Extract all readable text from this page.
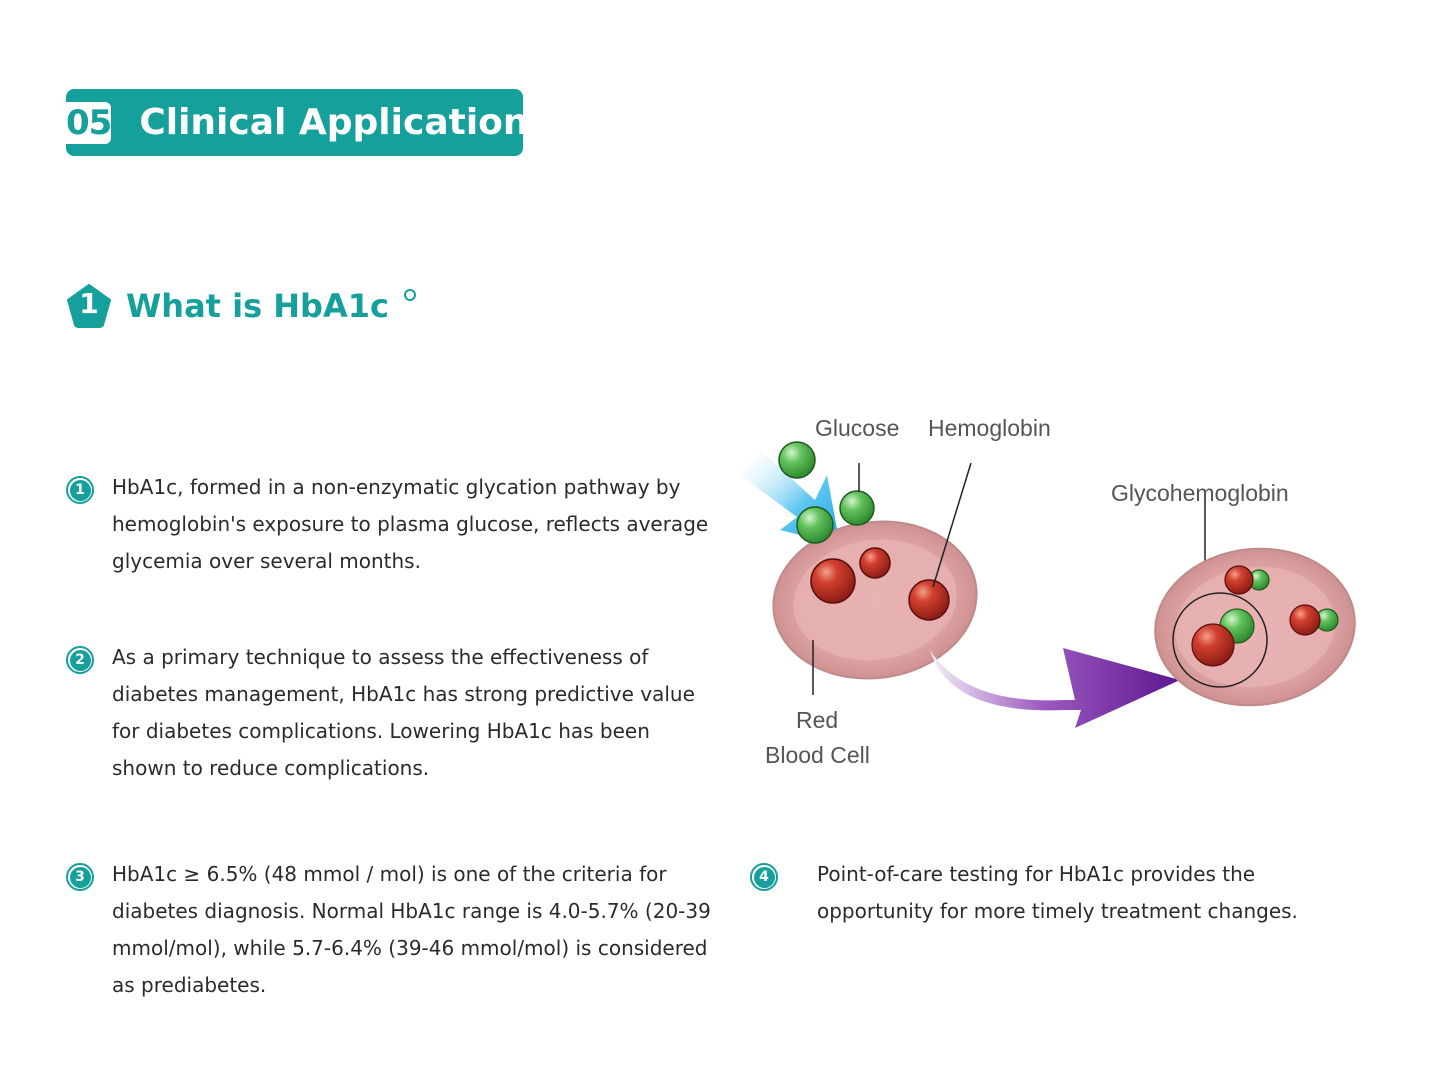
05 Clinical Application
1 What is HbA1c
1 HbA1c, formed in a non-enzymatic glycation pathway by hemoglobin's exposure to plasma glucose, reflects average glycemia over several months.
2 As a primary technique to assess the effectiveness of diabetes management, HbA1c has strong predictive value for diabetes complications. Lowering HbA1c has been shown to reduce complications.
3 HbA1c ≥ 6.5% (48 mmol / mol) is one of the criteria for diabetes diagnosis. Normal HbA1c range is 4.0-5.7% (20-39 mmol/mol), while 5.7-6.4% (39-46 mmol/mol) is considered as prediabetes.
4 Point-of-care testing for HbA1c provides the opportunity for more timely treatment changes.
Glucose Hemoglobin
Glycohemoglobin
Red
Blood Cell
